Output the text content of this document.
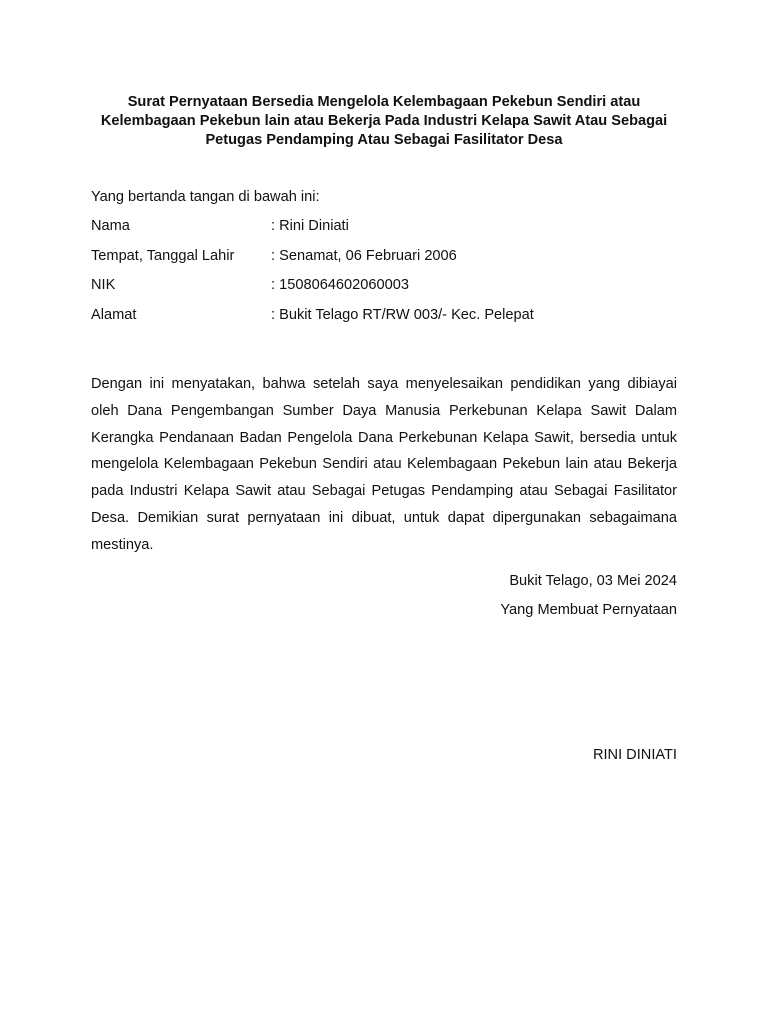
Surat Pernyataan Bersedia Mengelola Kelembagaan Pekebun Sendiri atau
Kelembagaan Pekebun lain atau Bekerja Pada Industri Kelapa Sawit Atau Sebagai
Petugas Pendamping Atau Sebagai Fasilitator Desa

Yang bertanda tangan di bawah ini:

Nama	: Rini Diniati
Tempat, Tanggal Lahir	: Senamat, 06 Februari 2006
NIK	: 1508064602060003
Alamat	: Bukit Telago RT/RW 003/- Kec. Pelepat

Dengan ini menyatakan, bahwa setelah saya menyelesaikan pendidikan yang dibiayai oleh Dana Pengembangan Sumber Daya Manusia Perkebunan Kelapa Sawit Dalam Kerangka Pendanaan Badan Pengelola Dana Perkebunan Kelapa Sawit, bersedia untuk mengelola Kelembagaan Pekebun Sendiri atau Kelembagaan Pekebun lain atau Bekerja pada Industri Kelapa Sawit atau Sebagai Petugas Pendamping atau Sebagai Fasilitator Desa. Demikian surat pernyataan ini dibuat, untuk dapat dipergunakan sebagaimana mestinya.

Bukit Telago, 03 Mei 2024
Yang Membuat Pernyataan
RINI DINIATI
